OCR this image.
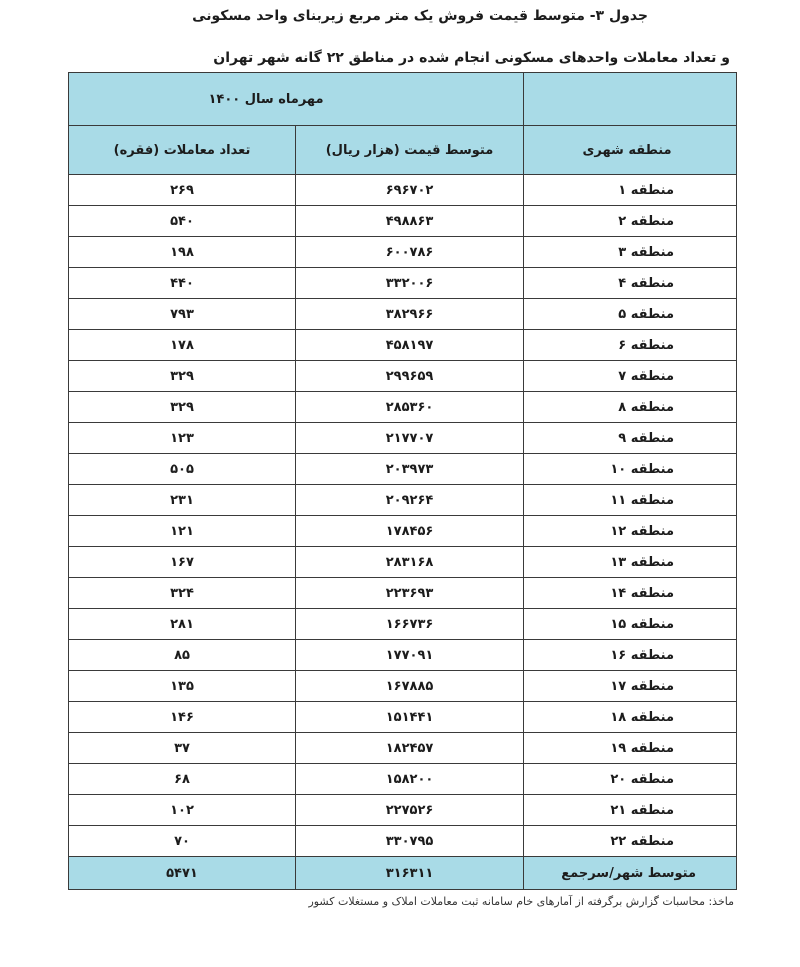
جدول ۳- متوسط قیمت فروش یک متر مربع زیربنای واحد مسکونی
و تعداد معاملات واحدهای مسکونی انجام شده در مناطق ۲۲ گانه شهر تهران
	مهرماه سال ۱۴۰۰	
منطقه شهری	متوسط قیمت (هزار ریال)	تعداد معاملات (فقره)
منطقه ۱	۶۹۶۷۰۲	۲۶۹
منطقه ۲	۴۹۸۸۶۳	۵۴۰
منطقه ۳	۶۰۰۷۸۶	۱۹۸
منطقه ۴	۳۳۲۰۰۶	۴۴۰
منطقه ۵	۳۸۲۹۶۶	۷۹۳
منطقه ۶	۴۵۸۱۹۷	۱۷۸
منطقه ۷	۲۹۹۶۵۹	۳۲۹
منطقه ۸	۲۸۵۳۶۰	۳۲۹
منطقه ۹	۲۱۷۷۰۷	۱۲۳
منطقه ۱۰	۲۰۳۹۷۳	۵۰۵
منطقه ۱۱	۲۰۹۲۶۴	۲۳۱
منطقه ۱۲	۱۷۸۴۵۶	۱۲۱
منطقه ۱۳	۲۸۳۱۶۸	۱۶۷
منطقه ۱۴	۲۲۳۶۹۳	۳۲۴
منطقه ۱۵	۱۶۶۷۳۶	۲۸۱
منطقه ۱۶	۱۷۷۰۹۱	۸۵
منطقه ۱۷	۱۶۷۸۸۵	۱۳۵
منطقه ۱۸	۱۵۱۴۴۱	۱۴۶
منطقه ۱۹	۱۸۲۴۵۷	۳۷
منطقه ۲۰	۱۵۸۲۰۰	۶۸
منطقه ۲۱	۲۲۷۵۲۶	۱۰۲
منطقه ۲۲	۳۳۰۷۹۵	۷۰
متوسط شهر/سرجمع	۳۱۶۳۱۱	۵۴۷۱
ماخذ: محاسبات گزارش برگرفته از آمارهای خام سامانه ثبت معاملات املاک و مستغلات کشور
